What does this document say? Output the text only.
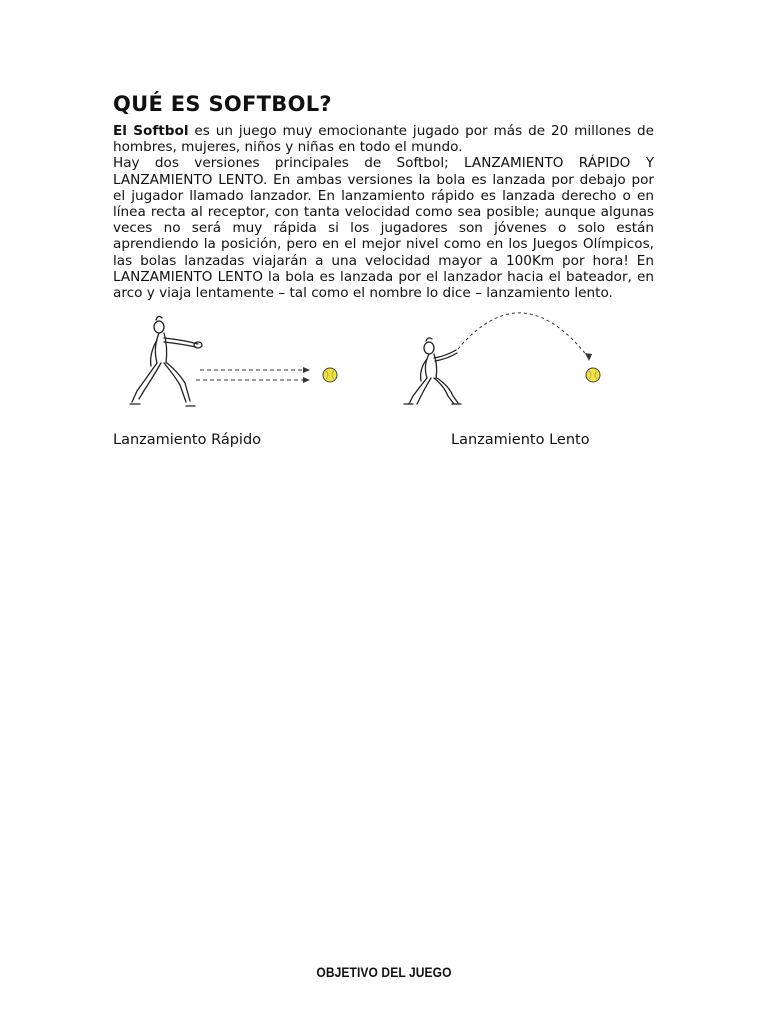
QUÉ ES SOFTBOL?

El Softbol es un juego muy emocionante jugado por más de 20 millones de hombres, mujeres, niños y niñas en todo el mundo.

Hay dos versiones principales de Softbol; LANZAMIENTO RÁPIDO Y LANZAMIENTO LENTO. En ambas versiones la bola es lanzada por debajo por el jugador llamado lanzador. En lanzamiento rápido es lanzada derecho o en línea recta al receptor, con tanta velocidad como sea posible; aunque algunas veces no será muy rápida si los jugadores son jóvenes o solo están aprendiendo la posición, pero en el mejor nivel como en los Juegos Olímpicos, las bolas lanzadas viajarán a una velocidad mayor a 100Km por hora! En LANZAMIENTO LENTO la bola es lanzada por el lanzador hacia el bateador, en arco y viaja lentamente – tal como el nombre lo dice – lanzamiento lento.

Lanzamiento Rápido	Lanzamiento Lento

OBJETIVO DEL JUEGO
